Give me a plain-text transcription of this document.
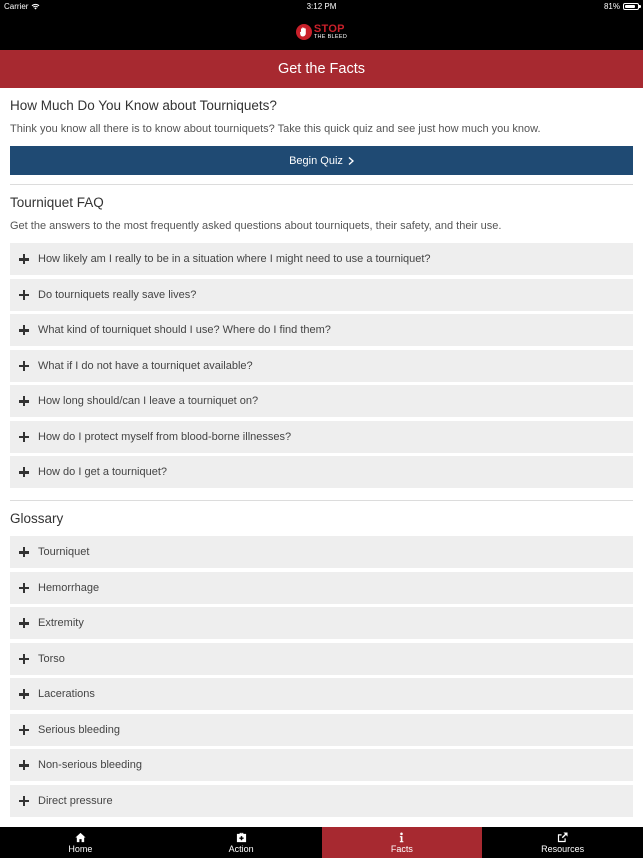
Carrier	3:12 PM	81%
STOP
THE BLEED
Get the Facts
How Much Do You Know about Tourniquets?
Think you know all there is to know about tourniquets? Take this quick quiz and see just how much you know.
Begin Quiz
Tourniquet FAQ
Get the answers to the most frequently asked questions about tourniquets, their safety, and their use.
How likely am I really to be in a situation where I might need to use a tourniquet?
Do tourniquets really save lives?
What kind of tourniquet should I use? Where do I find them?
What if I do not have a tourniquet available?
How long should/can I leave a tourniquet on?
How do I protect myself from blood-borne illnesses?
How do I get a tourniquet?
Glossary
Tourniquet
Hemorrhage
Extremity
Torso
Lacerations
Serious bleeding
Non-serious bleeding
Direct pressure
Home	Action	Facts	Resources
